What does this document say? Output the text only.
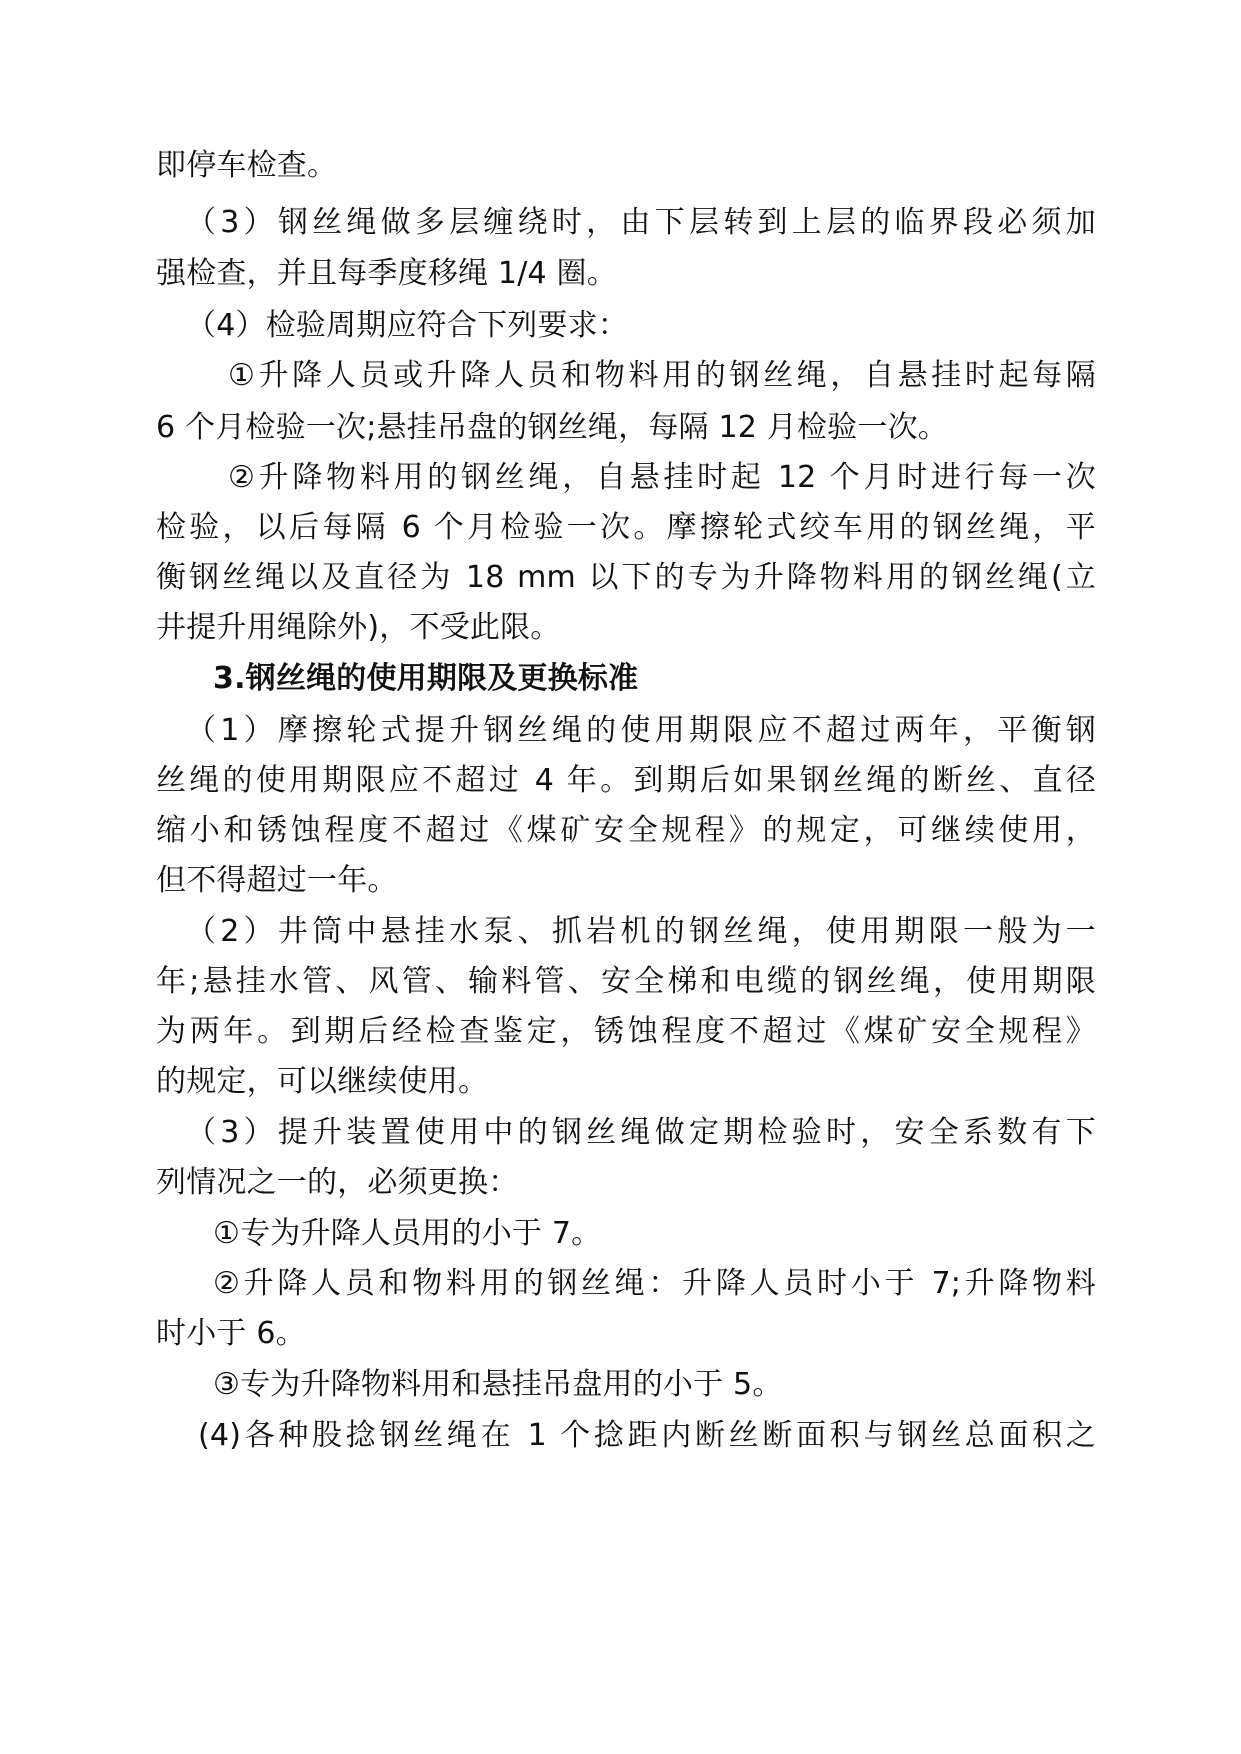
即停车检查。
（3）钢丝绳做多层缠绕时，由下层转到上层的临界段必须加
强检查，并且每季度移绳 1/4 圈。
（4）检验周期应符合下列要求：
①升降人员或升降人员和物料用的钢丝绳，自悬挂时起每隔
6 个月检验一次;悬挂吊盘的钢丝绳，每隔 12 月检验一次。
②升降物料用的钢丝绳，自悬挂时起 12 个月时进行每一次
检验，以后每隔 6 个月检验一次。摩擦轮式绞车用的钢丝绳，平
衡钢丝绳以及直径为 18 mm 以下的专为升降物料用的钢丝绳(立
井提升用绳除外)，不受此限。
3.钢丝绳的使用期限及更换标准
（1）摩擦轮式提升钢丝绳的使用期限应不超过两年，平衡钢
丝绳的使用期限应不超过 4 年。到期后如果钢丝绳的断丝、直径
缩小和锈蚀程度不超过《煤矿安全规程》的规定，可继续使用，
但不得超过一年。
（2）井筒中悬挂水泵、抓岩机的钢丝绳，使用期限一般为一
年;悬挂水管、风管、输料管、安全梯和电缆的钢丝绳，使用期限
为两年。到期后经检查鉴定，锈蚀程度不超过《煤矿安全规程》
的规定，可以继续使用。
（3）提升装置使用中的钢丝绳做定期检验时，安全系数有下
列情况之一的，必须更换：
①专为升降人员用的小于 7。
②升降人员和物料用的钢丝绳：升降人员时小于 7;升降物料
时小于 6。
③专为升降物料用和悬挂吊盘用的小于 5。
(4)各种股捻钢丝绳在 1 个捻距内断丝断面积与钢丝总面积之
